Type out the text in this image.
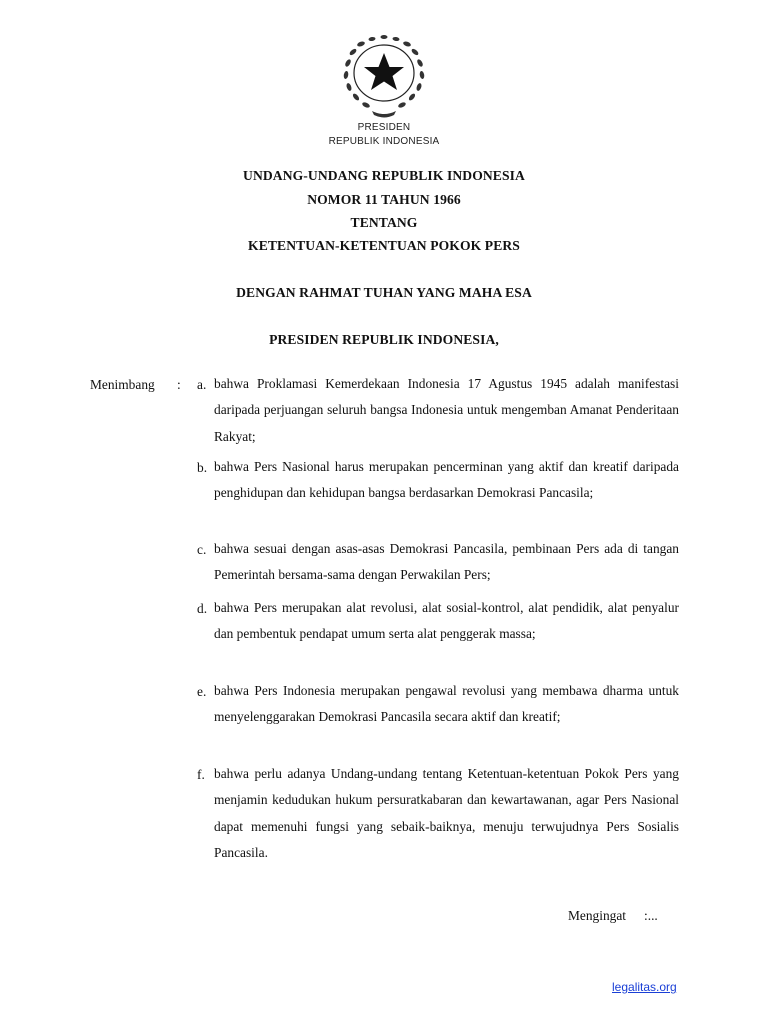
PRESIDEN
REPUBLIK INDONESIA
UNDANG-UNDANG REPUBLIK INDONESIA
NOMOR 11 TAHUN 1966
TENTANG
KETENTUAN-KETENTUAN POKOK PERS
DENGAN RAHMAT TUHAN YANG MAHA ESA
PRESIDEN REPUBLIK INDONESIA,
Menimbang : a. bahwa Proklamasi Kemerdekaan Indonesia 17 Agustus 1945 adalah manifestasi daripada perjuangan seluruh bangsa Indonesia untuk mengemban Amanat Penderitaan Rakyat;
b. bahwa Pers Nasional harus merupakan pencerminan yang aktif dan kreatif daripada penghidupan dan kehidupan bangsa berdasarkan Demokrasi Pancasila;
c. bahwa sesuai dengan asas-asas Demokrasi Pancasila, pembinaan Pers ada di tangan Pemerintah bersama-sama dengan Perwakilan Pers;
d. bahwa Pers merupakan alat revolusi, alat sosial-kontrol, alat pendidik, alat penyalur dan pembentuk pendapat umum serta alat penggerak massa;
e. bahwa Pers Indonesia merupakan pengawal revolusi yang membawa dharma untuk menyelenggarakan Demokrasi Pancasila secara aktif dan kreatif;
f. bahwa perlu adanya Undang-undang tentang Ketentuan-ketentuan Pokok Pers yang menjamin kedudukan hukum persuratkabaran dan kewartawanan, agar Pers Nasional dapat memenuhi fungsi yang sebaik-baiknya, menuju terwujudnya Pers Sosialis Pancasila.
Mengingat :...
legalitas.org
